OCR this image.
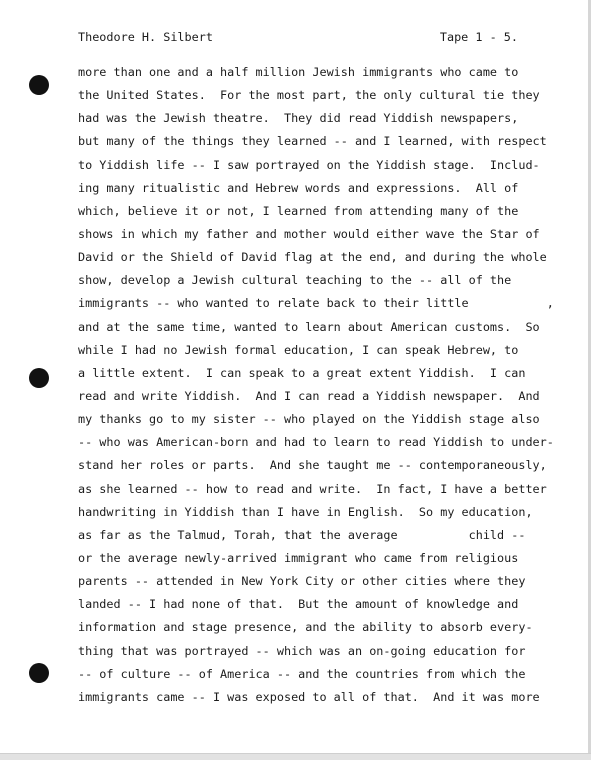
Theodore H. Silbert	Tape 1 - 5.
more than one and a half million Jewish immigrants who came to
the United States.  For the most part, the only cultural tie they
had was the Jewish theatre.  They did read Yiddish newspapers,
but many of the things they learned -- and I learned, with respect
to Yiddish life -- I saw portrayed on the Yiddish stage.  Includ-
ing many ritualistic and Hebrew words and expressions.  All of
which, believe it or not, I learned from attending many of the
shows in which my father and mother would either wave the Star of
David or the Shield of David flag at the end, and during the whole
show, develop a Jewish cultural teaching to the -- all of the
immigrants -- who wanted to relate back to their little           ,
and at the same time, wanted to learn about American customs.  So
while I had no Jewish formal education, I can speak Hebrew, to
a little extent.  I can speak to a great extent Yiddish.  I can
read and write Yiddish.  And I can read a Yiddish newspaper.  And
my thanks go to my sister -- who played on the Yiddish stage also
-- who was American-born and had to learn to read Yiddish to under-
stand her roles or parts.  And she taught me -- contemporaneously,
as she learned -- how to read and write.  In fact, I have a better
handwriting in Yiddish than I have in English.  So my education,
as far as the Talmud, Torah, that the average          child --
or the average newly-arrived immigrant who came from religious
parents -- attended in New York City or other cities where they
landed -- I had none of that.  But the amount of knowledge and
information and stage presence, and the ability to absorb every-
thing that was portrayed -- which was an on-going education for
-- of culture -- of America -- and the countries from which the
immigrants came -- I was exposed to all of that.  And it was more
